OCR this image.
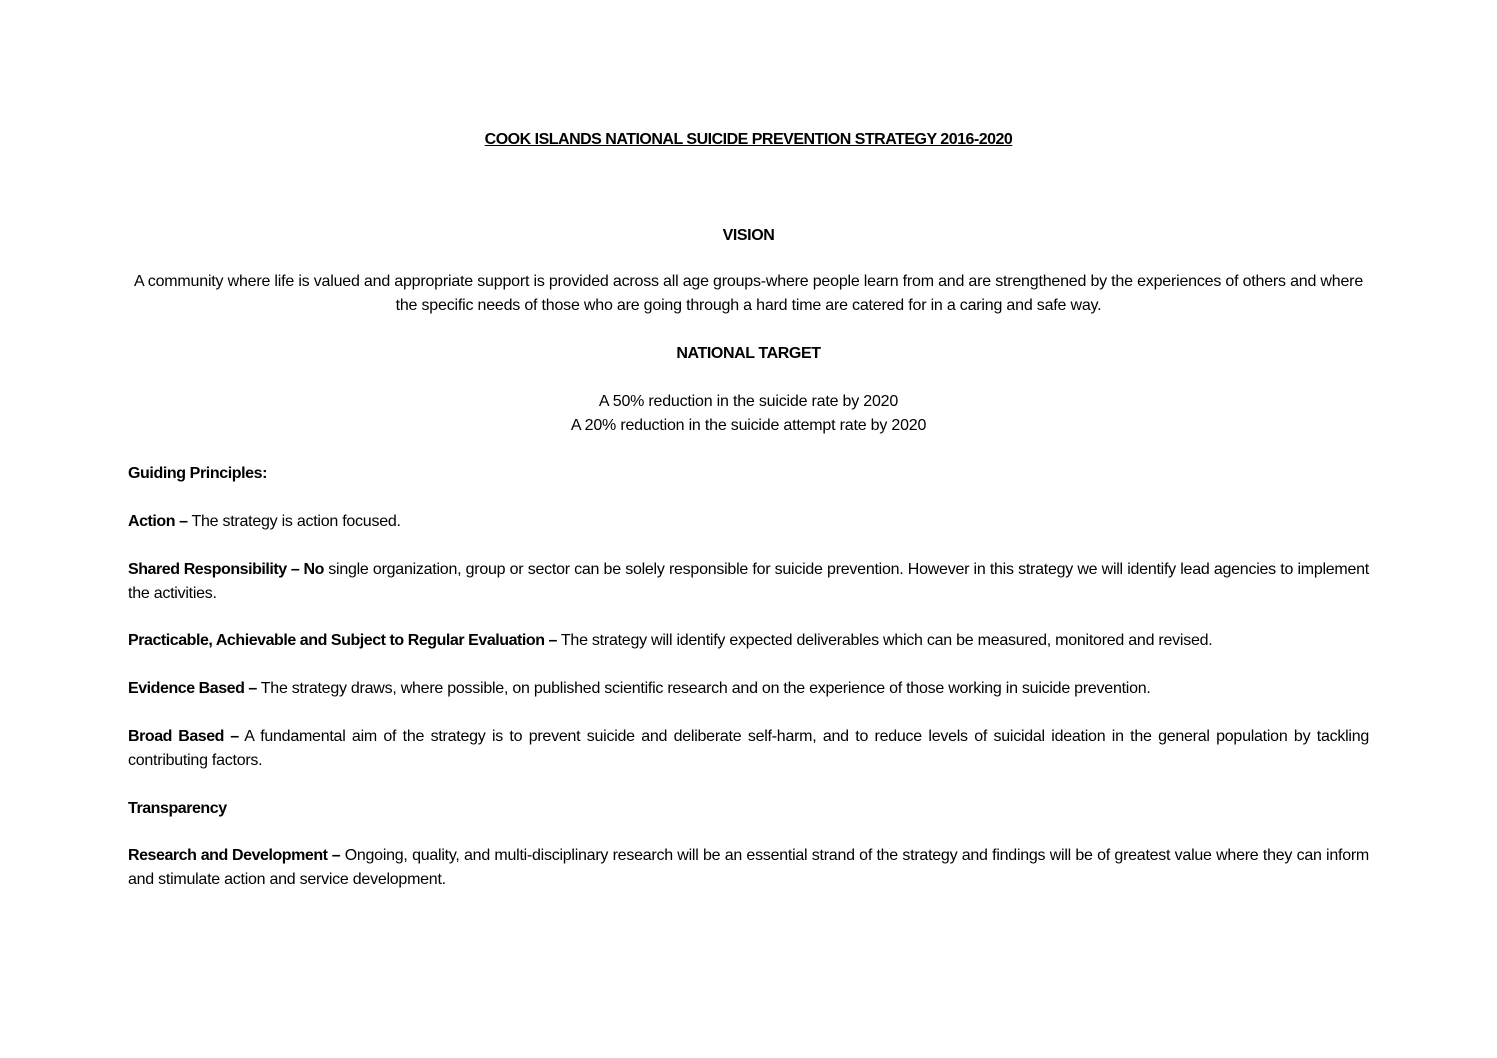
COOK ISLANDS NATIONAL SUICIDE PREVENTION STRATEGY 2016-2020
VISION
A community where life is valued and appropriate support is provided across all age groups-where people learn from and are strengthened by the experiences of others and where the specific needs of those who are going through a hard time are catered for in a caring and safe way.
NATIONAL TARGET
A 50% reduction in the suicide rate by 2020
A 20% reduction in the suicide attempt rate by 2020
Guiding Principles:
Action – The strategy is action focused.
Shared Responsibility – No single organization, group or sector can be solely responsible for suicide prevention. However in this strategy we will identify lead agencies to implement the activities.
Practicable, Achievable and Subject to Regular Evaluation – The strategy will identify expected deliverables which can be measured, monitored and revised.
Evidence Based – The strategy draws, where possible, on published scientific research and on the experience of those working in suicide prevention.
Broad Based – A fundamental aim of the strategy is to prevent suicide and deliberate self-harm, and to reduce levels of suicidal ideation in the general population by tackling contributing factors.
Transparency
Research and Development – Ongoing, quality, and multi-disciplinary research will be an essential strand of the strategy and findings will be of greatest value where they can inform and stimulate action and service development.
